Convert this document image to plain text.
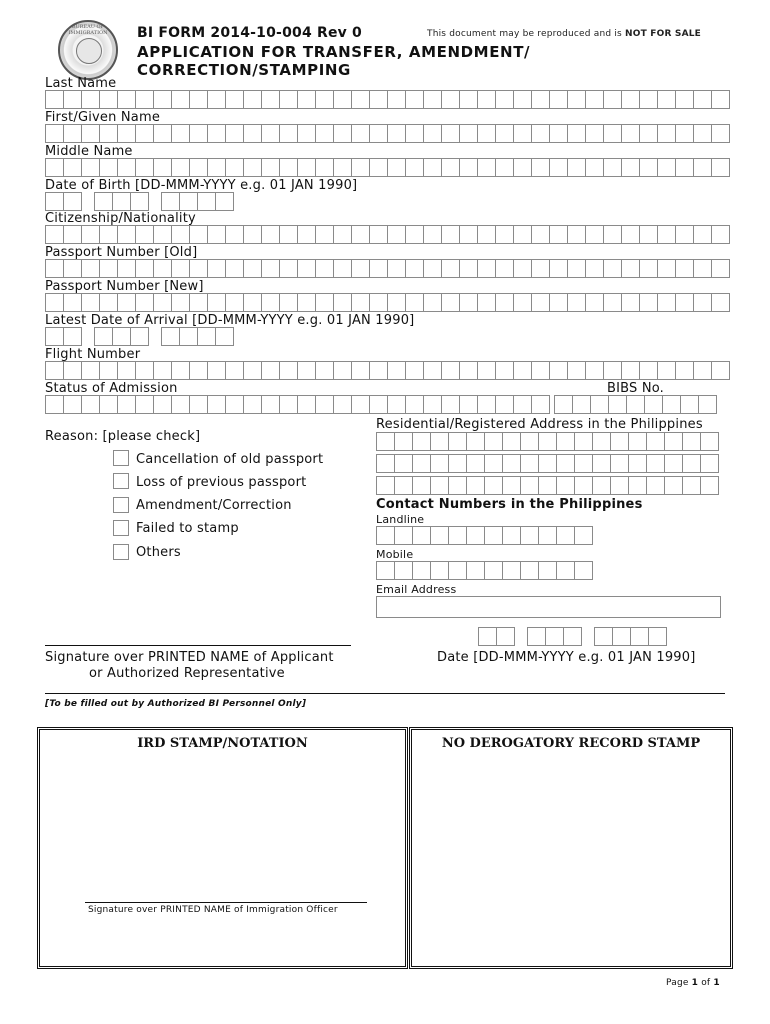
BUREAU OF IMMIGRATION	BI FORM 2014-10-004 Rev 0	This document may be reproduced and is NOT FOR SALE
APPLICATION FOR TRANSFER, AMENDMENT/
CORRECTION/STAMPING
Last Name
First/Given Name
Middle Name
Date of Birth [DD-MMM-YYYY e.g. 01 JAN 1990]
Citizenship/Nationality
Passport Number [Old]
Passport Number [New]
Latest Date of Arrival [DD-MMM-YYYY e.g. 01 JAN 1990]
Flight Number
Status of Admission	BIBS No.
Reason: [please check]
Cancellation of old passport
Loss of previous passport
Amendment/Correction
Failed to stamp
Others
Residential/Registered Address in the Philippines
Contact Numbers in the Philippines
Landline
Mobile
Email Address
Signature over PRINTED NAME of Applicant
or Authorized Representative
Date [DD-MMM-YYYY e.g. 01 JAN 1990]
[To be filled out by Authorized BI Personnel Only]
IRD STAMP/NOTATION
Signature over PRINTED NAME of Immigration Officer
NO DEROGATORY RECORD STAMP
Page 1 of 1
